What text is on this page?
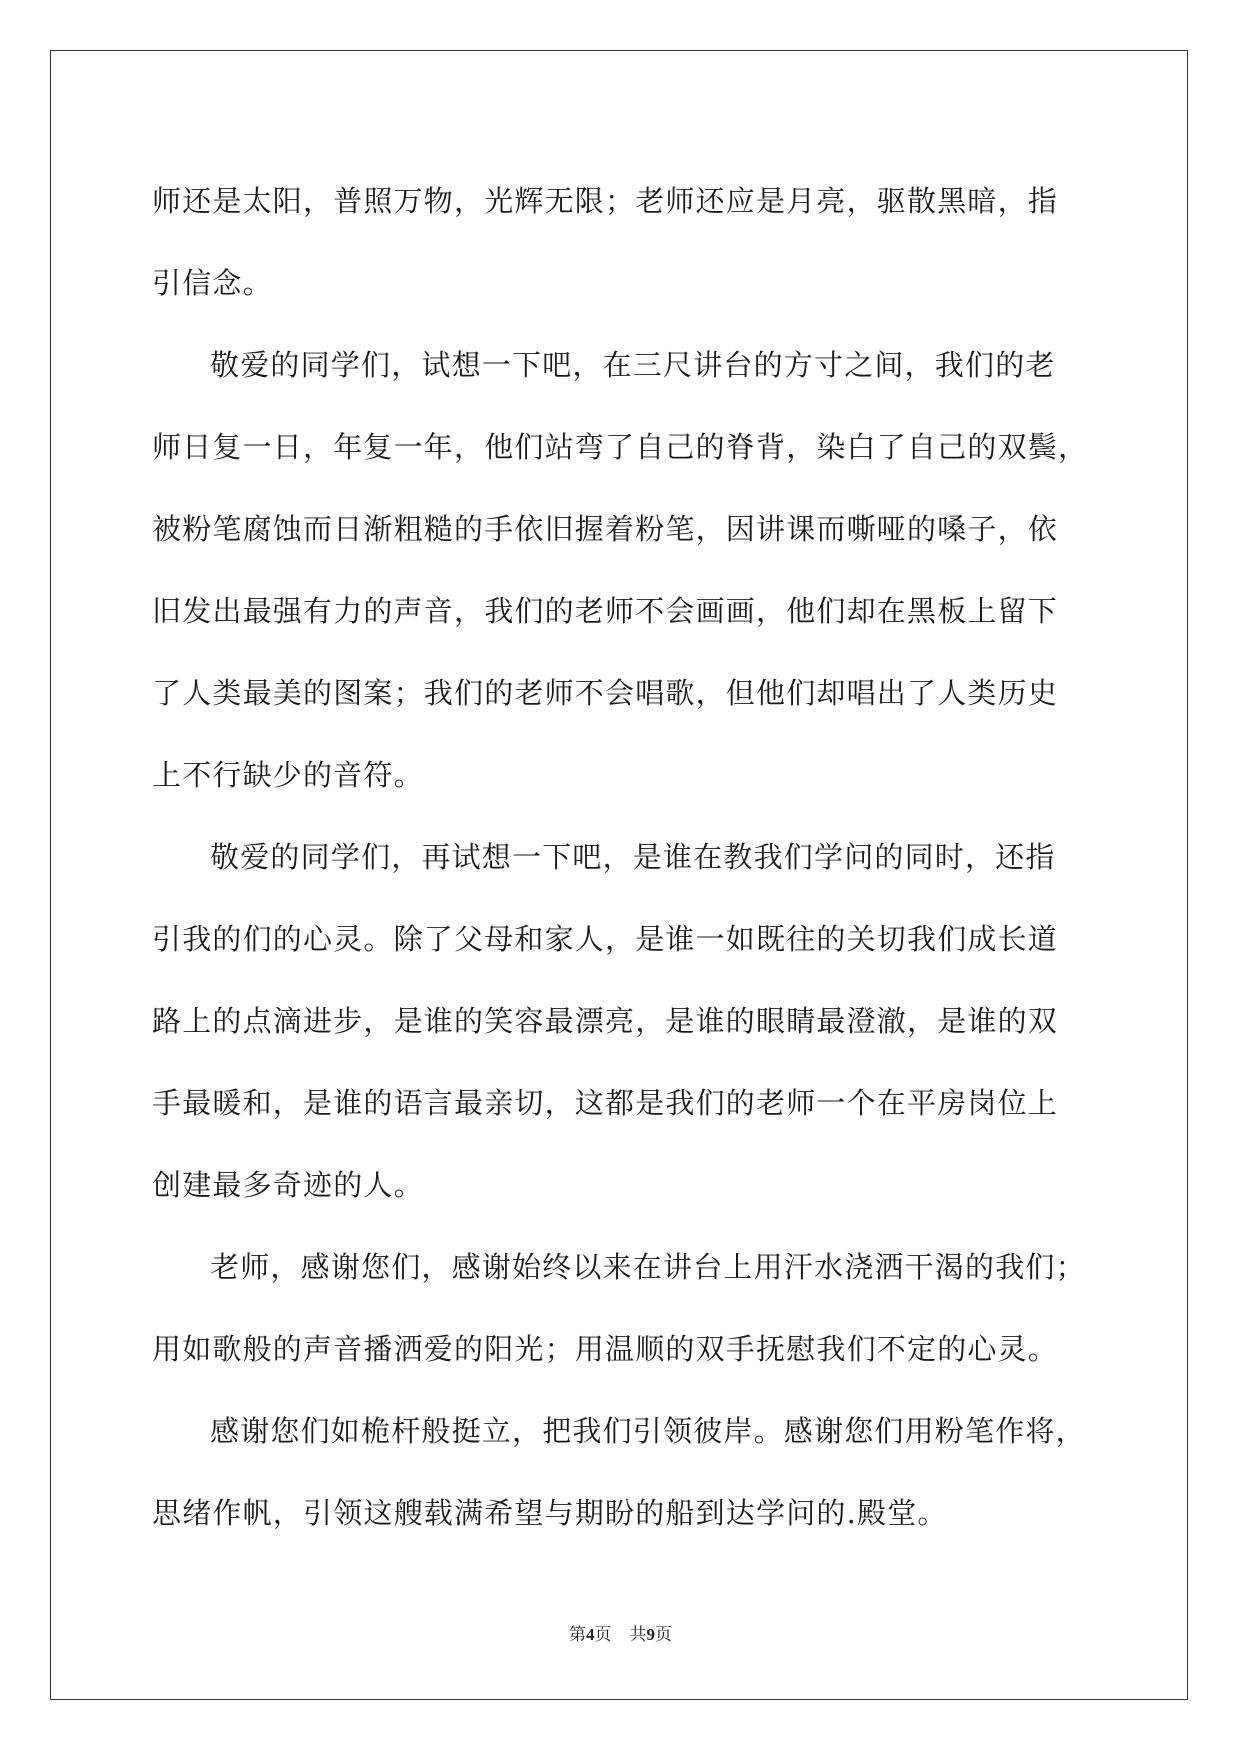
师还是太阳，普照万物，光辉无限；老师还应是月亮，驱散黑暗，指

引信念。

敬爱的同学们，试想一下吧，在三尺讲台的方寸之间，我们的老

师日复一日，年复一年，他们站弯了自己的脊背，染白了自己的双鬓，

被粉笔腐蚀而日渐粗糙的手依旧握着粉笔，因讲课而嘶哑的嗓子，依

旧发出最强有力的声音，我们的老师不会画画，他们却在黑板上留下

了人类最美的图案；我们的老师不会唱歌，但他们却唱出了人类历史

上不行缺少的音符。

敬爱的同学们，再试想一下吧，是谁在教我们学问的同时，还指

引我的们的心灵。除了父母和家人，是谁一如既往的关切我们成长道

路上的点滴进步，是谁的笑容最漂亮，是谁的眼睛最澄澈，是谁的双

手最暖和，是谁的语言最亲切，这都是我们的老师一个在平房岗位上

创建最多奇迹的人。

老师，感谢您们，感谢始终以来在讲台上用汗水浇洒干渴的我们；

用如歌般的声音播洒爱的阳光；用温顺的双手抚慰我们不定的心灵。

感谢您们如桅杆般挺立，把我们引领彼岸。感谢您们用粉笔作将，

思绪作帆，引领这艘载满希望与期盼的船到达学问的.殿堂。

第4页 共9页
